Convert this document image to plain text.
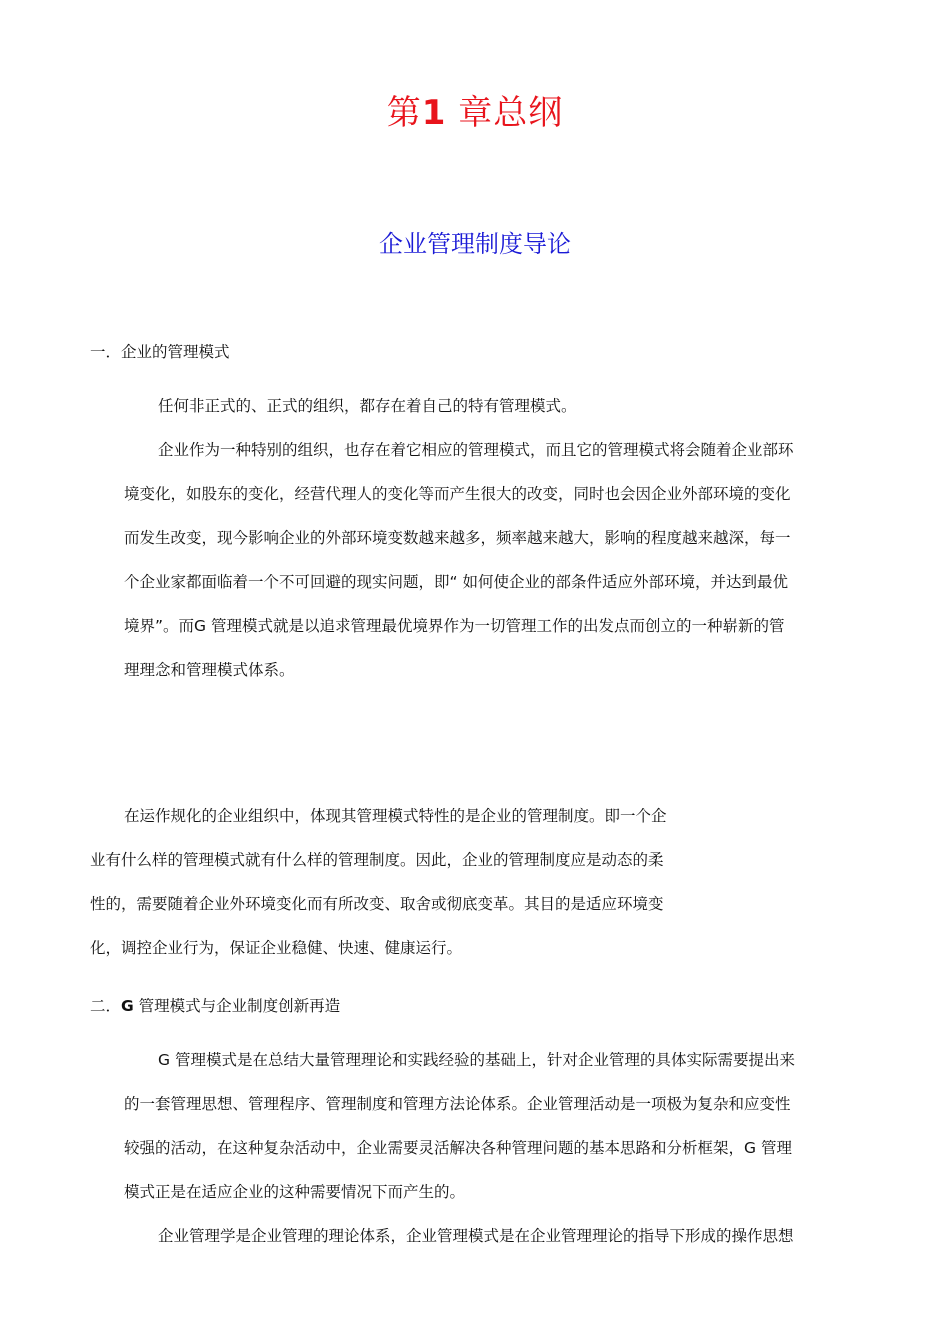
第1 章总纲
企业管理制度导论
一．企业的管理模式
任何非正式的、正式的组织，都存在着自己的特有管理模式。
企业作为一种特别的组织，也存在着它相应的管理模式，而且它的管理模式将会随着企业部环
境变化，如股东的变化，经营代理人的变化等而产生很大的改变，同时也会因企业外部环境的变化
而发生改变，现今影响企业的外部环境变数越来越多，频率越来越大，影响的程度越来越深，每一
个企业家都面临着一个不可回避的现实问题，即“ 如何使企业的部条件适应外部环境，并达到最优
境界”。而G 管理模式就是以追求管理最优境界作为一切管理工作的出发点而创立的一种崭新的管
理理念和管理模式体系。
在运作规化的企业组织中，体现其管理模式特性的是企业的管理制度。即一个企
业有什么样的管理模式就有什么样的管理制度。因此，企业的管理制度应是动态的柔
性的，需要随着企业外环境变化而有所改变、取舍或彻底变革。其目的是适应环境变
化，调控企业行为，保证企业稳健、快速、健康运行。
二．G 管理模式与企业制度创新再造
G 管理模式是在总结大量管理理论和实践经验的基础上，针对企业管理的具体实际需要提出来
的一套管理思想、管理程序、管理制度和管理方法论体系。企业管理活动是一项极为复杂和应变性
较强的活动，在这种复杂活动中，企业需要灵活解决各种管理问题的基本思路和分析框架，G 管理
模式正是在适应企业的这种需要情况下而产生的。
企业管理学是企业管理的理论体系，企业管理模式是在企业管理理论的指导下形成的操作思想
